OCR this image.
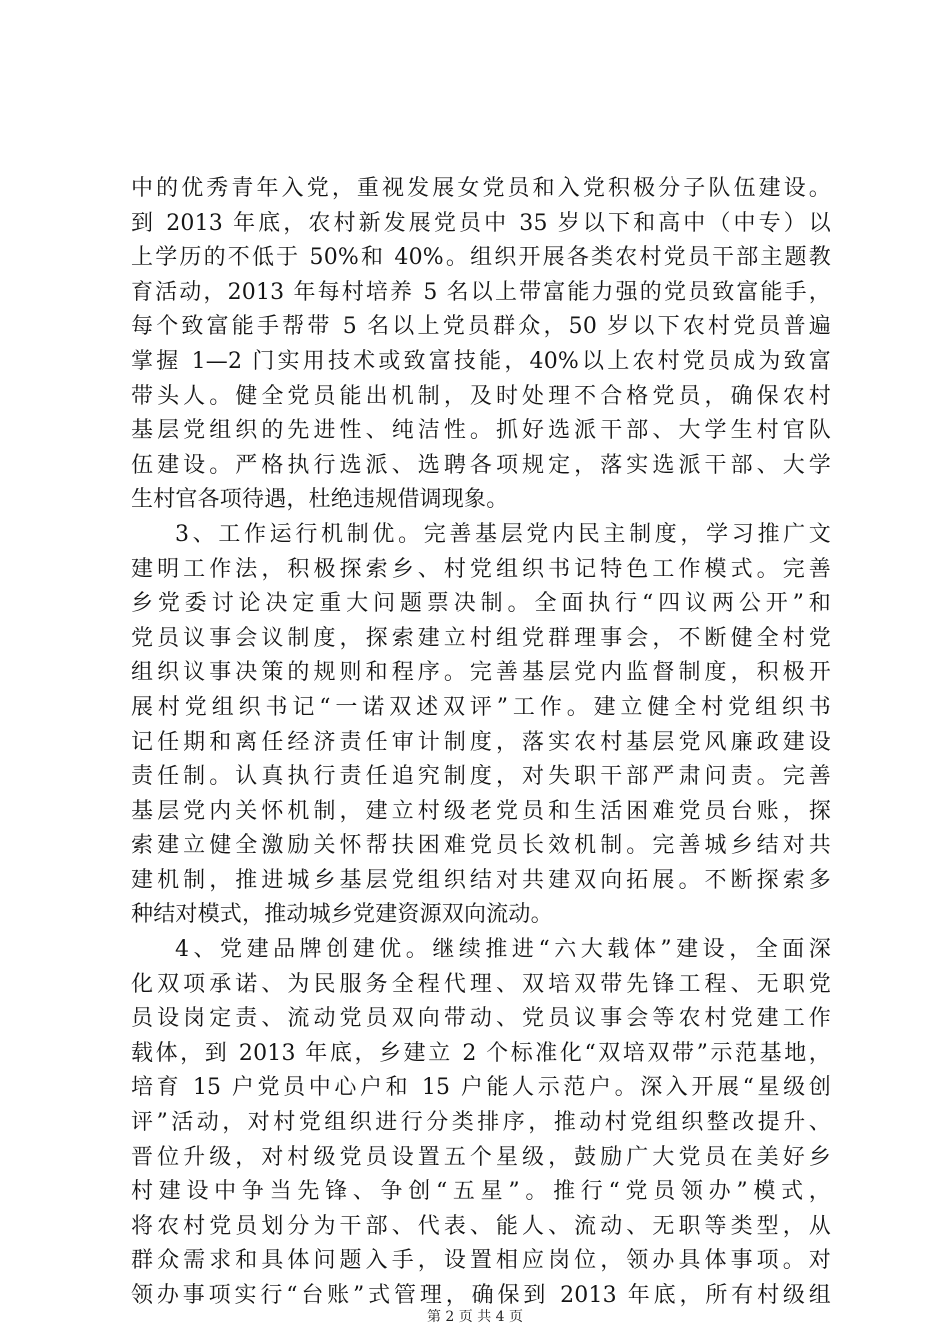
中的优秀青年入党，重视发展女党员和入党积极分子队伍建设。
到 2013 年底，农村新发展党员中 35 岁以下和高中（中专）以
上学历的不低于 50%和 40%。组织开展各类农村党员干部主题教
育活动，2013 年每村培养 5 名以上带富能力强的党员致富能手，
每个致富能手帮带 5 名以上党员群众，50 岁以下农村党员普遍
掌握 1—2 门实用技术或致富技能，40%以上农村党员成为致富
带头人。健全党员能出机制，及时处理不合格党员，确保农村
基层党组织的先进性、纯洁性。抓好选派干部、大学生村官队
伍建设。严格执行选派、选聘各项规定，落实选派干部、大学
生村官各项待遇，杜绝违规借调现象。
3、工作运行机制优。完善基层党内民主制度，学习推广文
建明工作法，积极探索乡、村党组织书记特色工作模式。完善
乡党委讨论决定重大问题票决制。全面执行“四议两公开”和
党员议事会议制度，探索建立村组党群理事会，不断健全村党
组织议事决策的规则和程序。完善基层党内监督制度，积极开
展村党组织书记“一诺双述双评”工作。建立健全村党组织书
记任期和离任经济责任审计制度，落实农村基层党风廉政建设
责任制。认真执行责任追究制度，对失职干部严肃问责。完善
基层党内关怀机制，建立村级老党员和生活困难党员台账，探
索建立健全激励关怀帮扶困难党员长效机制。完善城乡结对共
建机制，推进城乡基层党组织结对共建双向拓展。不断探索多
种结对模式，推动城乡党建资源双向流动。
4、党建品牌创建优。继续推进“六大载体”建设，全面深
化双项承诺、为民服务全程代理、双培双带先锋工程、无职党
员设岗定责、流动党员双向带动、党员议事会等农村党建工作
载体，到 2013 年底，乡建立 2 个标准化“双培双带”示范基地，
培育 15 户党员中心户和 15 户能人示范户。深入开展“星级创
评”活动，对村党组织进行分类排序，推动村党组织整改提升、
晋位升级，对村级党员设置五个星级，鼓励广大党员在美好乡
村建设中争当先锋、争创“五星”。推行“党员领办”模式，
将农村党员划分为干部、代表、能人、流动、无职等类型，从
群众需求和具体问题入手，设置相应岗位，领办具体事项。对
领办事项实行“台账”式管理，确保到 2013 年底，所有村级组
第 2 页 共 4 页
